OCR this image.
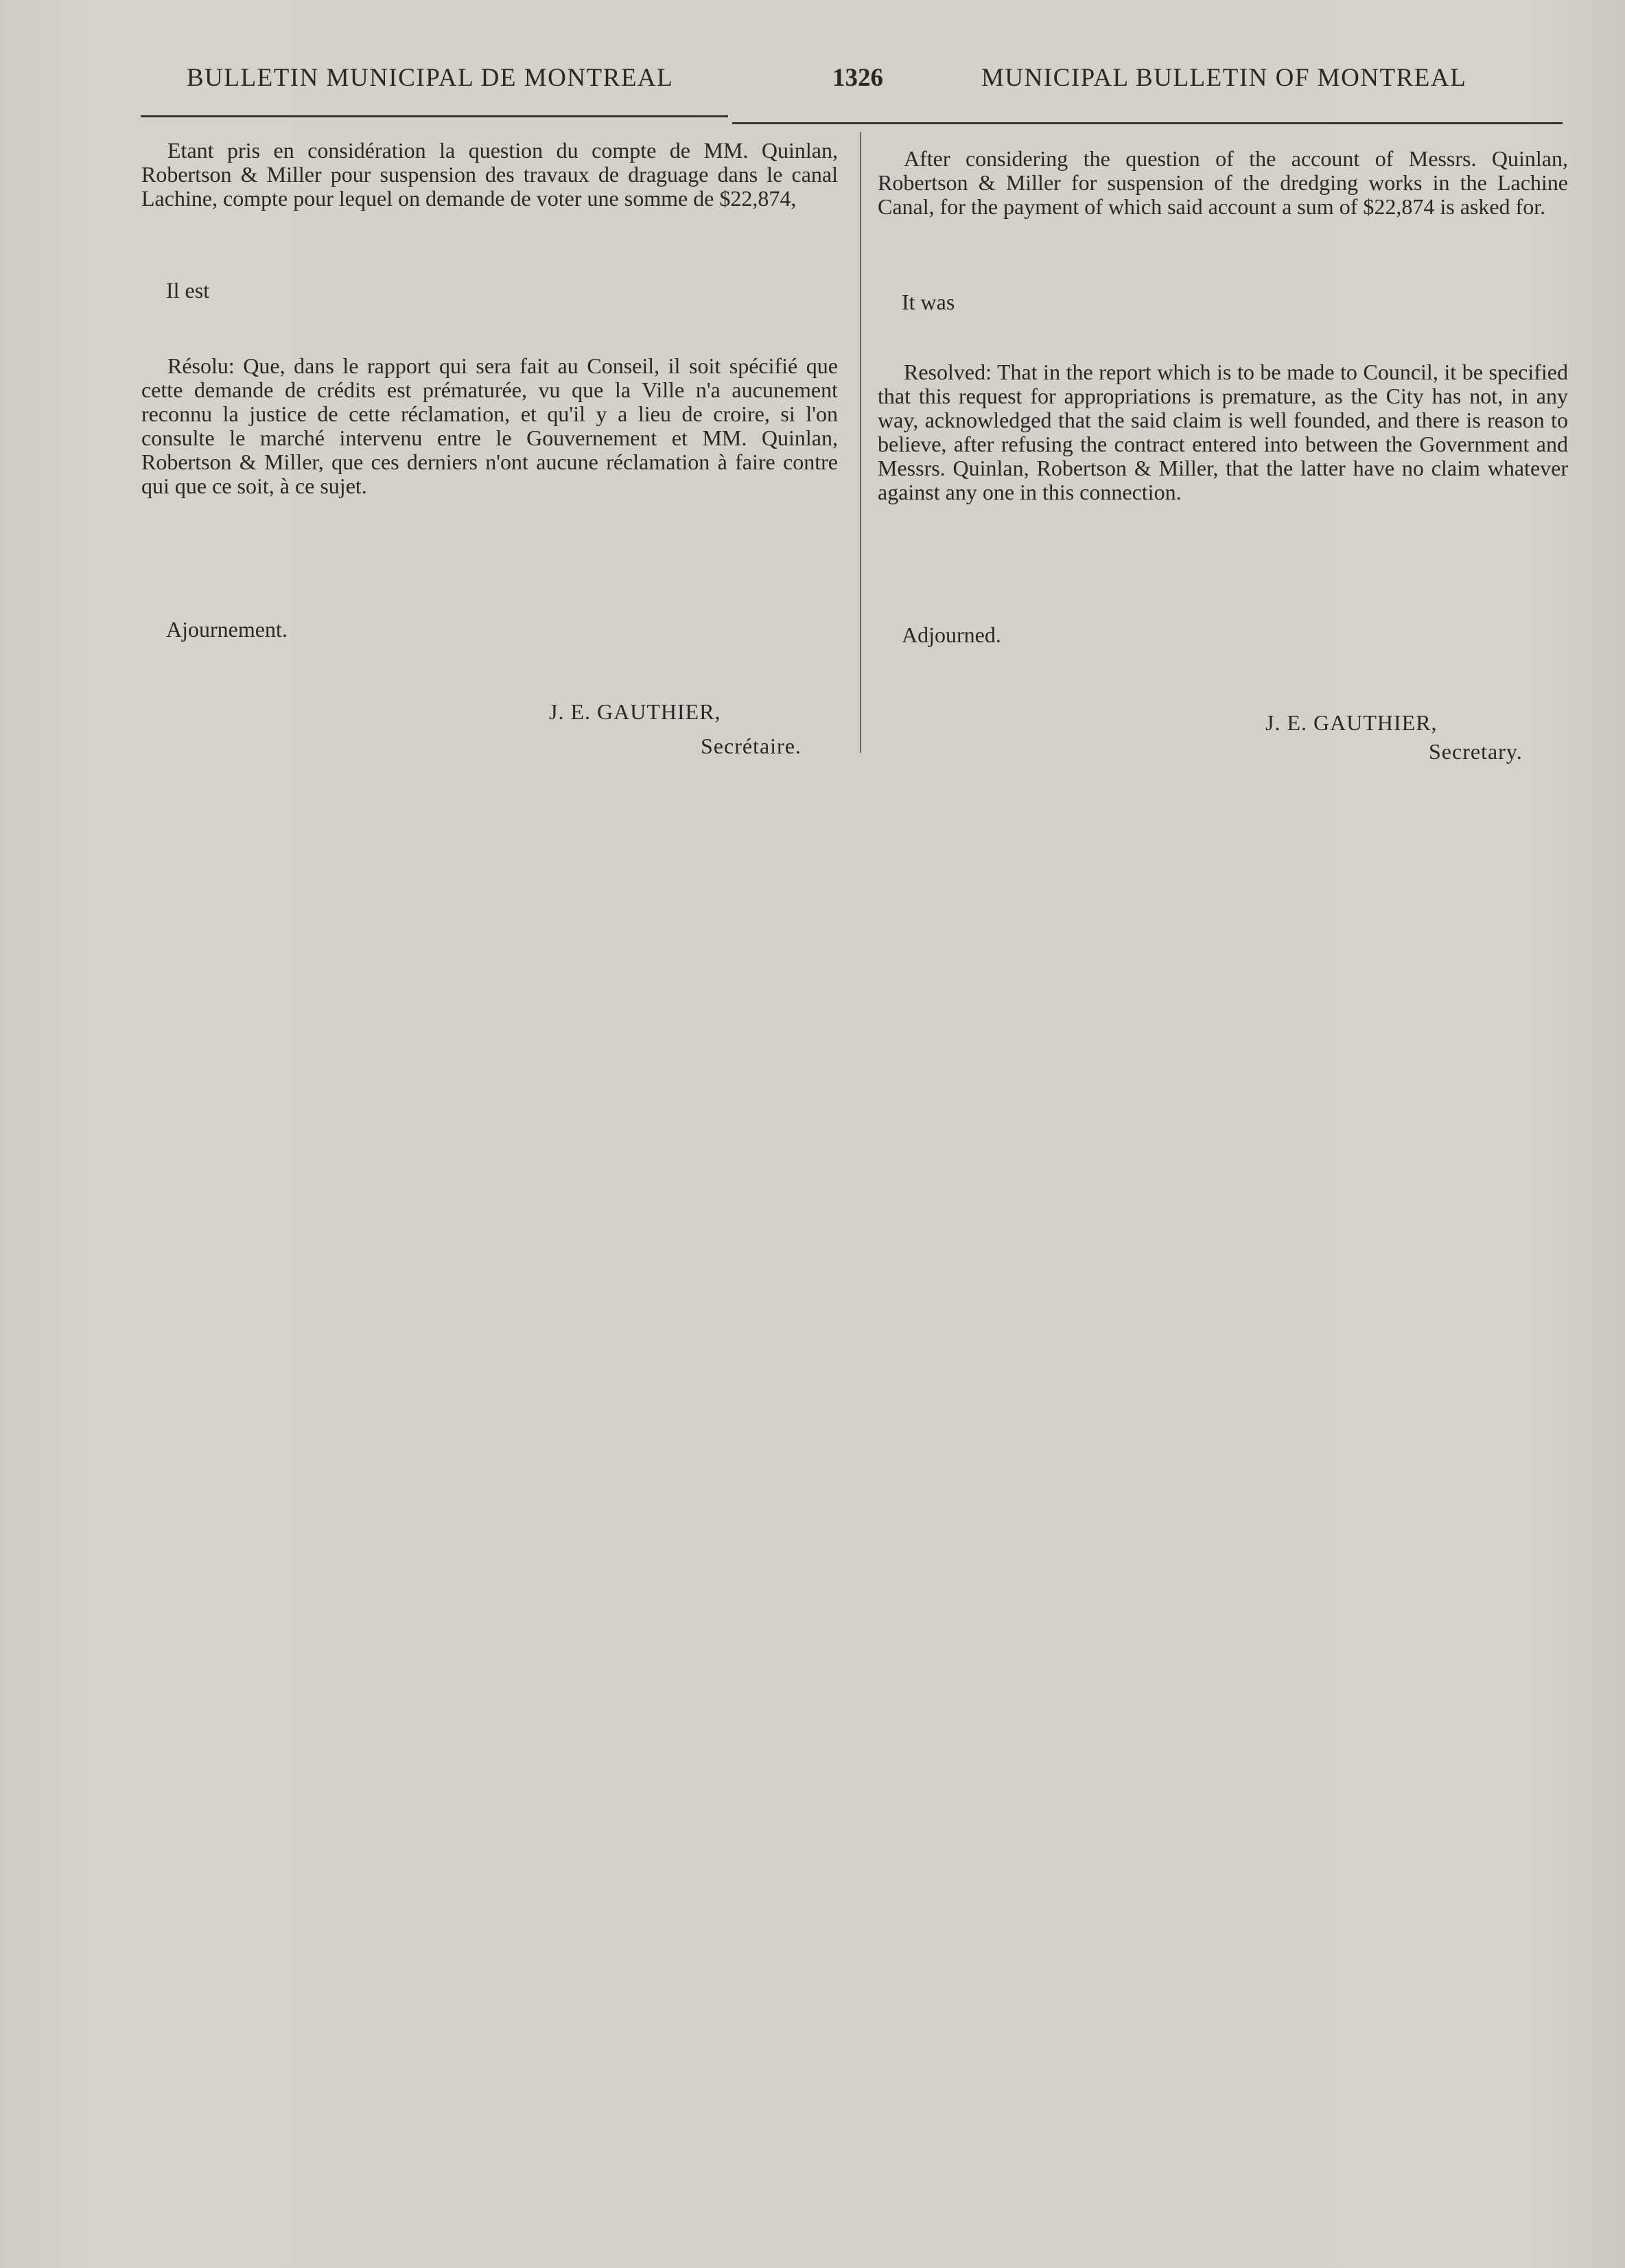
BULLETIN MUNICIPAL DE MONTREAL	1326	MUNICIPAL BULLETIN OF MONTREAL

Etant pris en considération la question du compte de MM. Quinlan, Robertson & Miller pour suspension des travaux de draguage dans le canal Lachine, compte pour lequel on demande de voter une somme de $22,874,

Il est

Résolu: Que, dans le rapport qui sera fait au Conseil, il soit spécifié que cette demande de crédits est prématurée, vu que la Ville n'a aucunement reconnu la justice de cette réclamation, et qu'il y a lieu de croire, si l'on consulte le marché intervenu entre le Gouvernement et MM. Quinlan, Robertson & Miller, que ces derniers n'ont aucune réclamation à faire contre qui que ce soit, à ce sujet.

Ajournement.
J. E. GAUTHIER,
Secrétaire.

After considering the question of the account of Messrs. Quinlan, Robertson & Miller for suspension of the dredging works in the Lachine Canal, for the payment of which said account a sum of $22,874 is asked for.

It was

Resolved: That in the report which is to be made to Council, it be specified that this request for appropriations is premature, as the City has not, in any way, acknowledged that the said claim is well founded, and there is reason to believe, after refusing the contract entered into between the Government and Messrs. Quinlan, Robertson & Miller, that the latter have no claim whatever against any one in this connection.

Adjourned.
J. E. GAUTHIER,
Secretary.
